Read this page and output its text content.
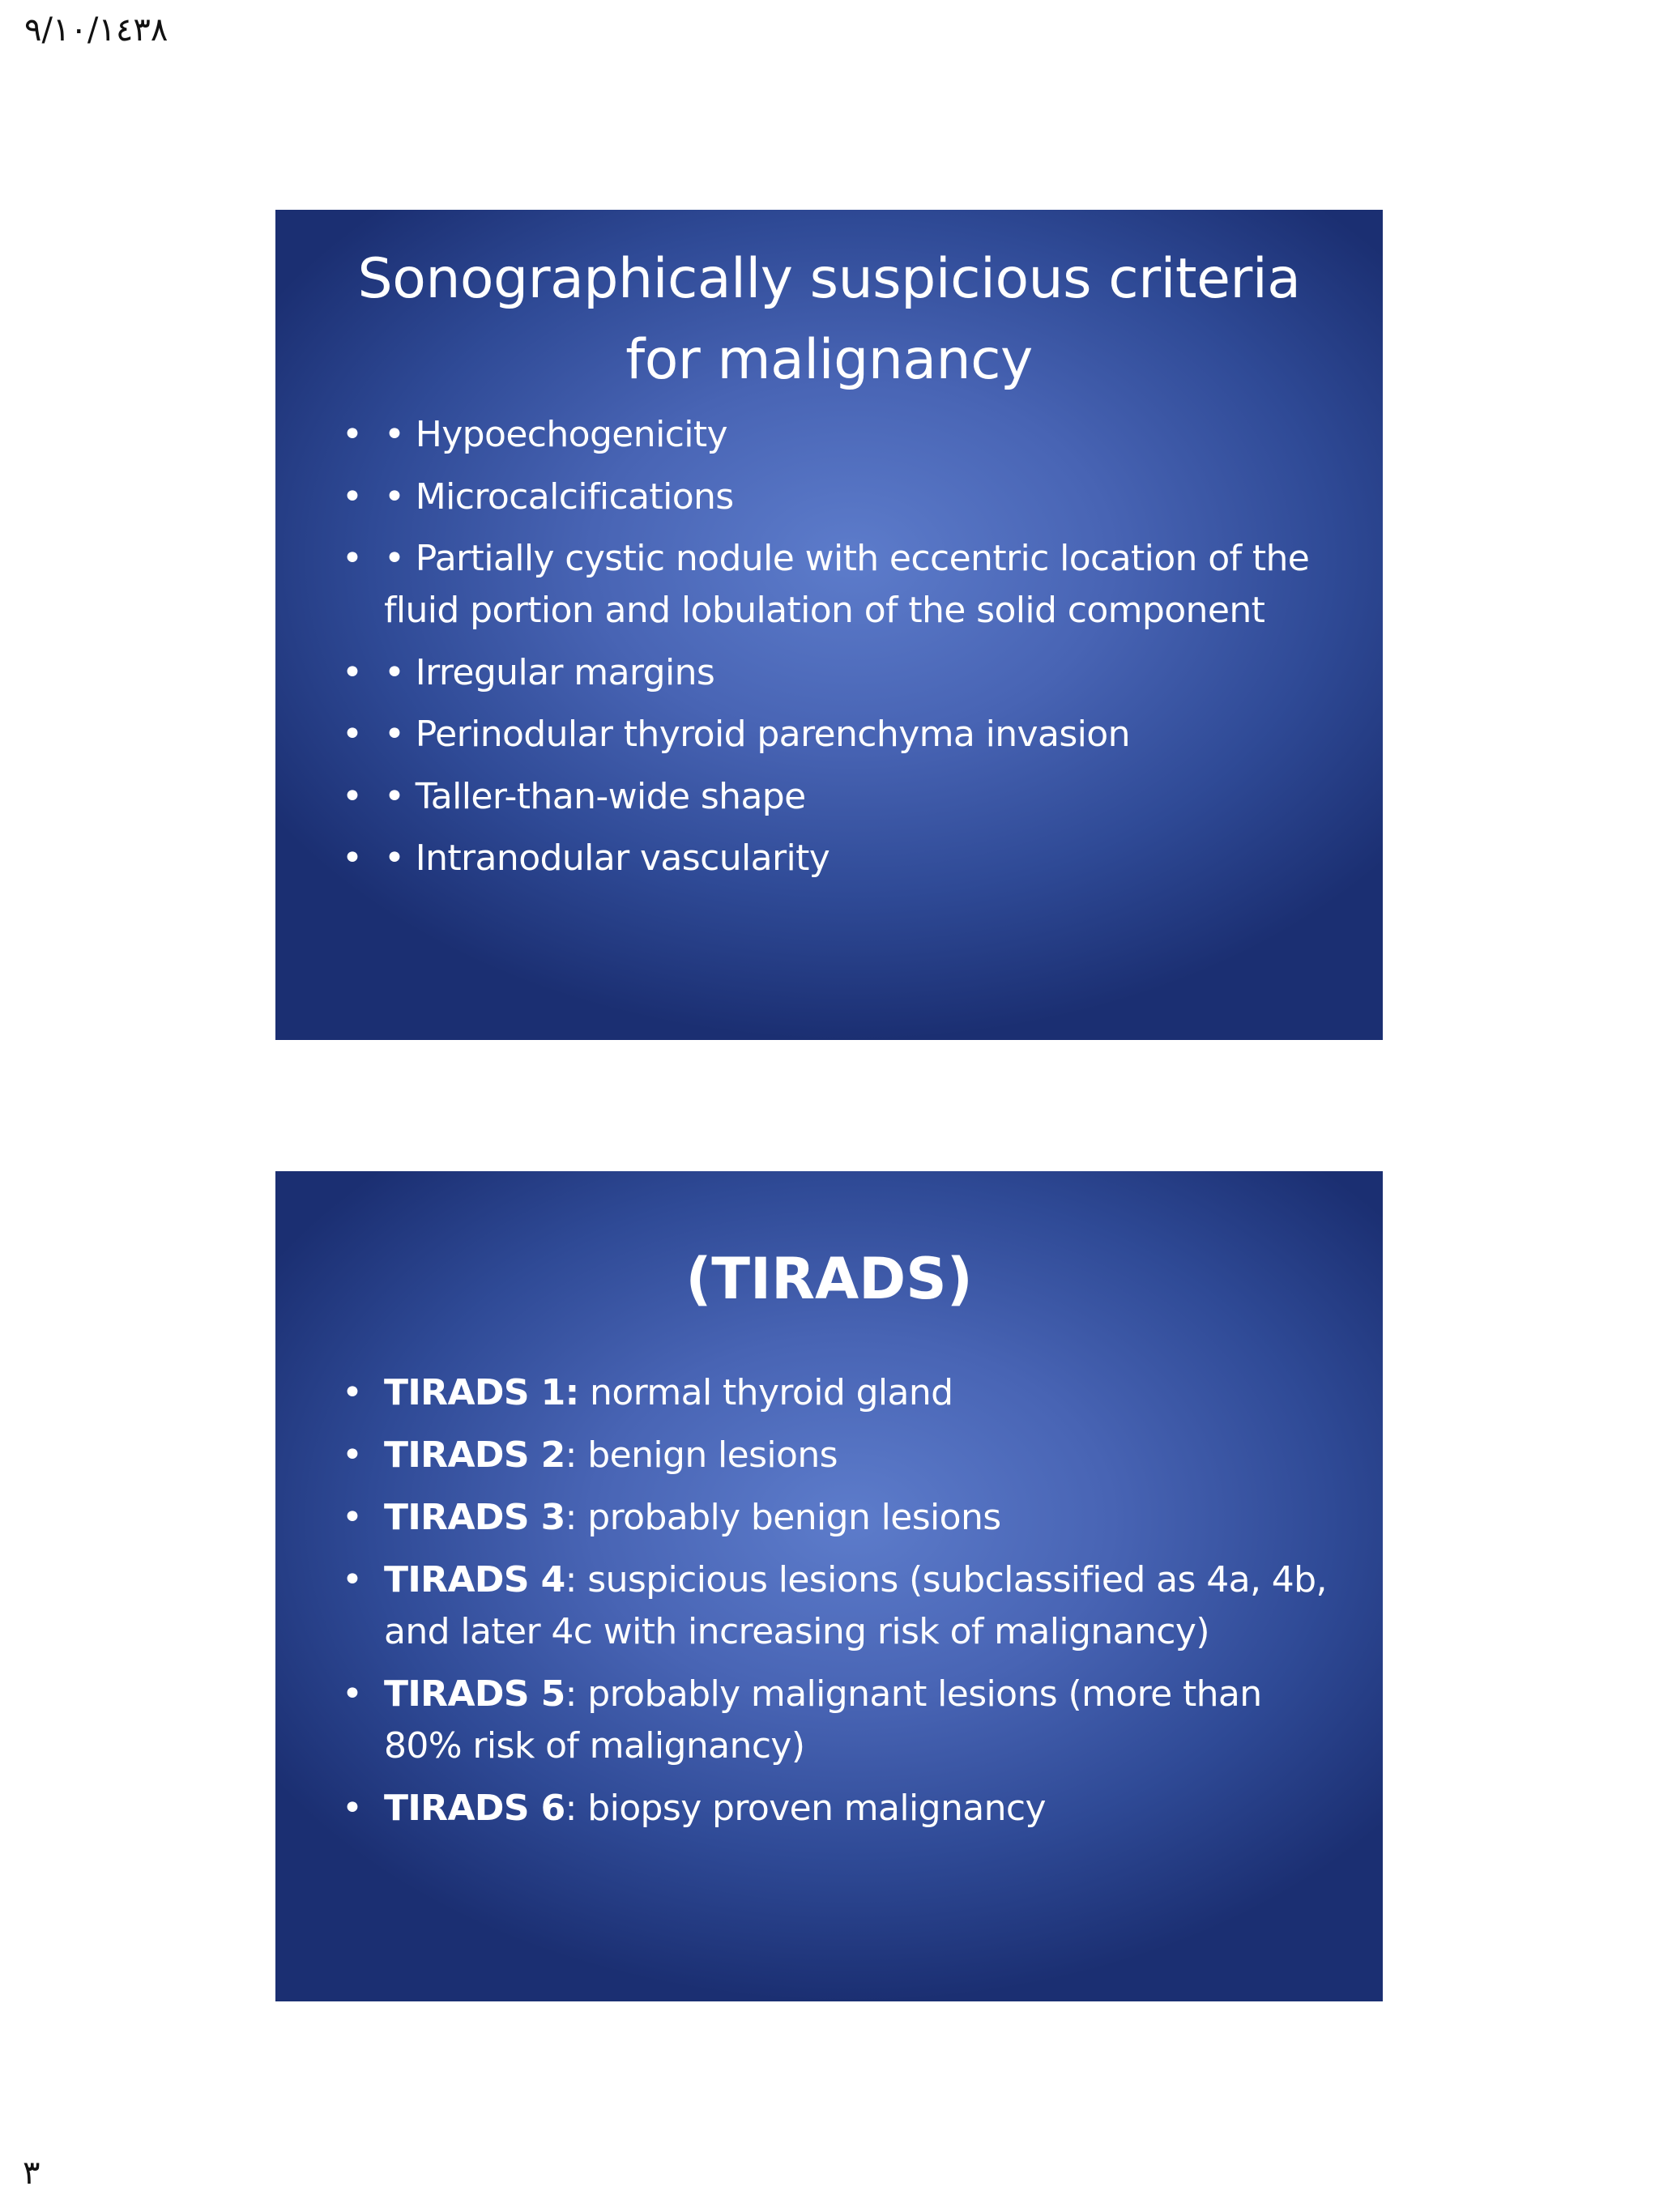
٩/١٠/١٤٣٨
Sonographically suspicious criteria
for malignancy
• • Hypoechogenicity
• • Microcalcifications
• • Partially cystic nodule with eccentric location of the fluid portion and lobulation of the solid component
• • Irregular margins
• • Perinodular thyroid parenchyma invasion
• • Taller-than-wide shape
• • Intranodular vascularity
(TIRADS)
• TIRADS 1: normal thyroid gland
• TIRADS 2: benign lesions
• TIRADS 3: probably benign lesions
• TIRADS 4: suspicious lesions (subclassified as 4a, 4b, and later 4c with increasing risk of malignancy)
• TIRADS 5: probably malignant lesions (more than 80% risk of malignancy)
• TIRADS 6: biopsy proven malignancy
٣
